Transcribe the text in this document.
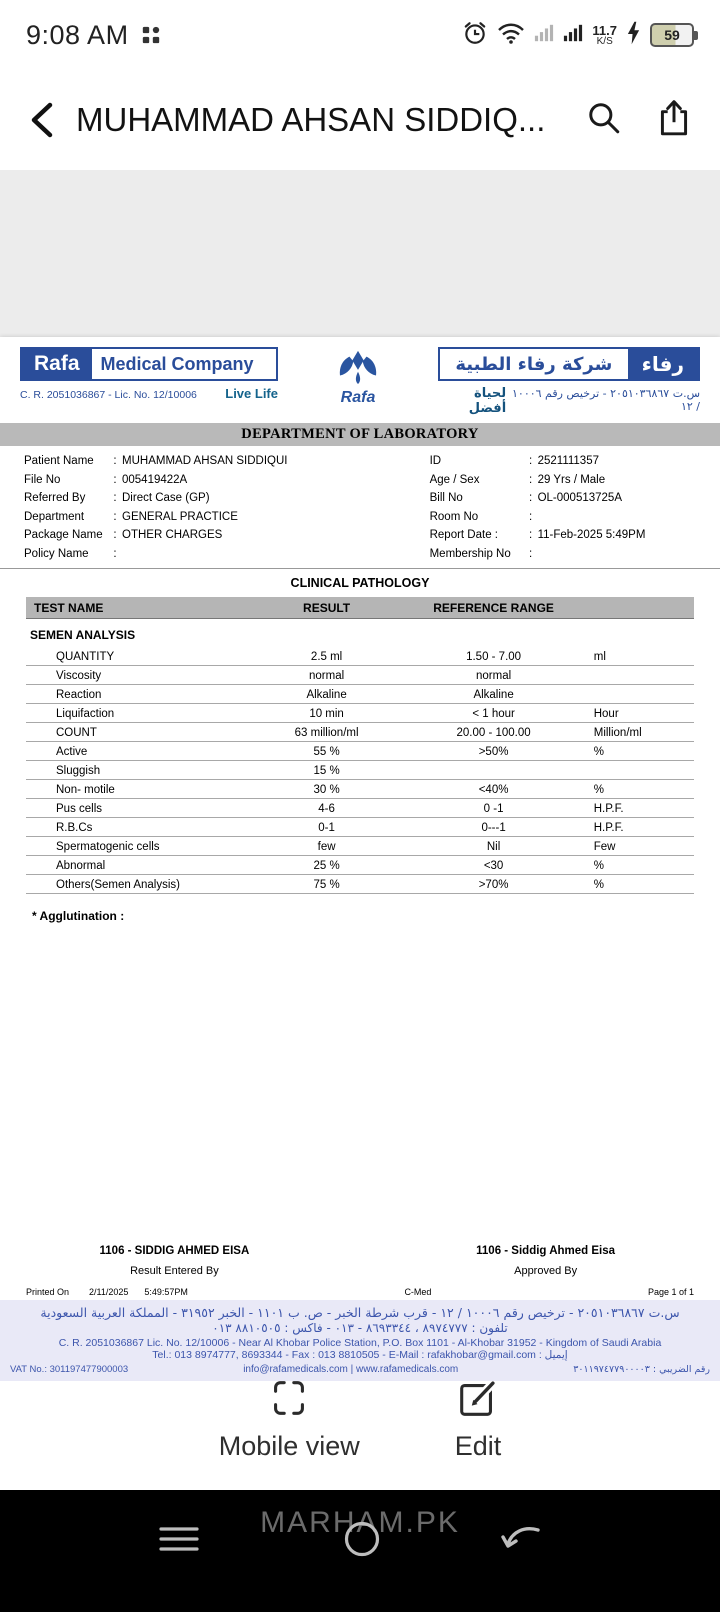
9:08 AM	11.7
K/S	59
MUHAMMAD AHSAN SIDDIQ...
Rafa	Medical Company
C. R. 2051036867 - Lic. No. 12/10006 Live Life	Rafa
شركة رفاء الطبية	رفاء
لحياة أفضل
س.ت ٢٠٥١٠٣٦٨٦٧ - ترخيص رقم ١٠٠٠٦ / ١٢
DEPARTMENT OF LABORATORY
Patient Name	: MUHAMMAD AHSAN SIDDIQUI
File No	: 005419422A
Referred By	: Direct Case (GP)
Department	: GENERAL PRACTICE
Package Name : OTHER CHARGES
Policy Name	:
ID	: 2521111357
Age / Sex	: 29 Yrs / Male
Bill No	: OL-000513725A
Room No	:
Report Date :	: 11-Feb-2025 5:49PM
Membership No	:
CLINICAL PATHOLOGY
TEST NAME	RESULT	REFERENCE RANGE
SEMEN ANALYSIS
QUANTITY	2.5 ml	1.50 - 7.00	ml
Viscosity	normal	normal
Reaction	Alkaline	Alkaline
Liquifaction	10 min	< 1 hour	Hour
COUNT	63 million/ml	20.00 - 100.00	Million/ml
Active	55 %	>50%	%
Sluggish	15 %
Non- motile	30 %	<40%	%
Pus cells	4-6	0 -1	H.P.F.
R.B.Cs	0-1	0---1	H.P.F.
Spermatogenic cells	few	Nil	Few
Abnormal	25 %	<30	%
Others(Semen Analysis)	75 %	>70%	%
* Agglutination :
1106 - SIDDIG AHMED EISA
Result Entered By
1106 - Siddig Ahmed Eisa
Approved By
Printed On 2/11/2025 5:49:57PM	C-Med	Page 1 of 1
س.ت ٢٠٥١٠٣٦٨٦٧ - ترخيص رقم ١٠٠٠٦ / ١٢ - قرب شرطة الخبر - ص. ب ١١٠١ - الخبر ٣١٩٥٢ - المملكة العربية السعودية
تلفون : ٨٩٧٤٧٧٧ ، ٨٦٩٣٣٤٤ - ٠١٣ - فاكس : ٨٨١٠٥٠٥ ٠١٣
C. R. 2051036867 Lic. No. 12/10006 - Near Al Khobar Police Station, P.O. Box 1101 - Al-Khobar 31952 - Kingdom of Saudi Arabia
Tel.: 013 8974777, 8693344 - Fax : 013 8810505 - E-Mail : rafakhobar@gmail.com : إيميل
VAT No.: 301197477900003	info@rafamedicals.com | www.rafamedicals.com	رقم الضريبي : ٣٠١١٩٧٤٧٧٩٠٠٠٠٣
Mobile view	Edit
MARHAM.PK
